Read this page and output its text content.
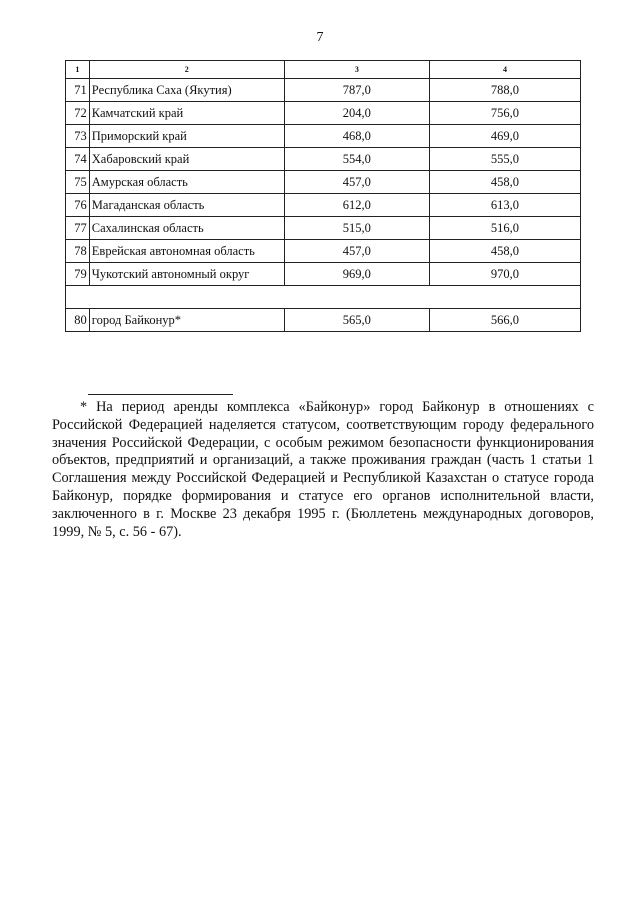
7
1	2	3	4
71	Республика Саха (Якутия)	787,0	788,0
72	Камчатский край	204,0	756,0
73	Приморский край	468,0	469,0
74	Хабаровский край	554,0	555,0
75	Амурская область	457,0	458,0
76	Магаданская область	612,0	613,0
77	Сахалинская область	515,0	516,0
78	Еврейская автономная область	457,0	458,0
79	Чукотский автономный округ	969,0	970,0

80	город Байконур*	565,0	566,0
* На период аренды комплекса «Байконур» город Байконур в отношениях с Российской Федерацией наделяется статусом, соответствующим городу федерального значения Российской Федерации, с особым режимом безопасности функционирования объектов, предприятий и организаций, а также проживания граждан (часть 1 статьи 1 Соглашения между Российской Федерацией и Республикой Казахстан о статусе города Байконур, порядке формирования и статусе его органов исполнительной власти, заключенного в г. Москве 23 декабря 1995 г. (Бюллетень международных договоров, 1999, № 5, с. 56 - 67).
